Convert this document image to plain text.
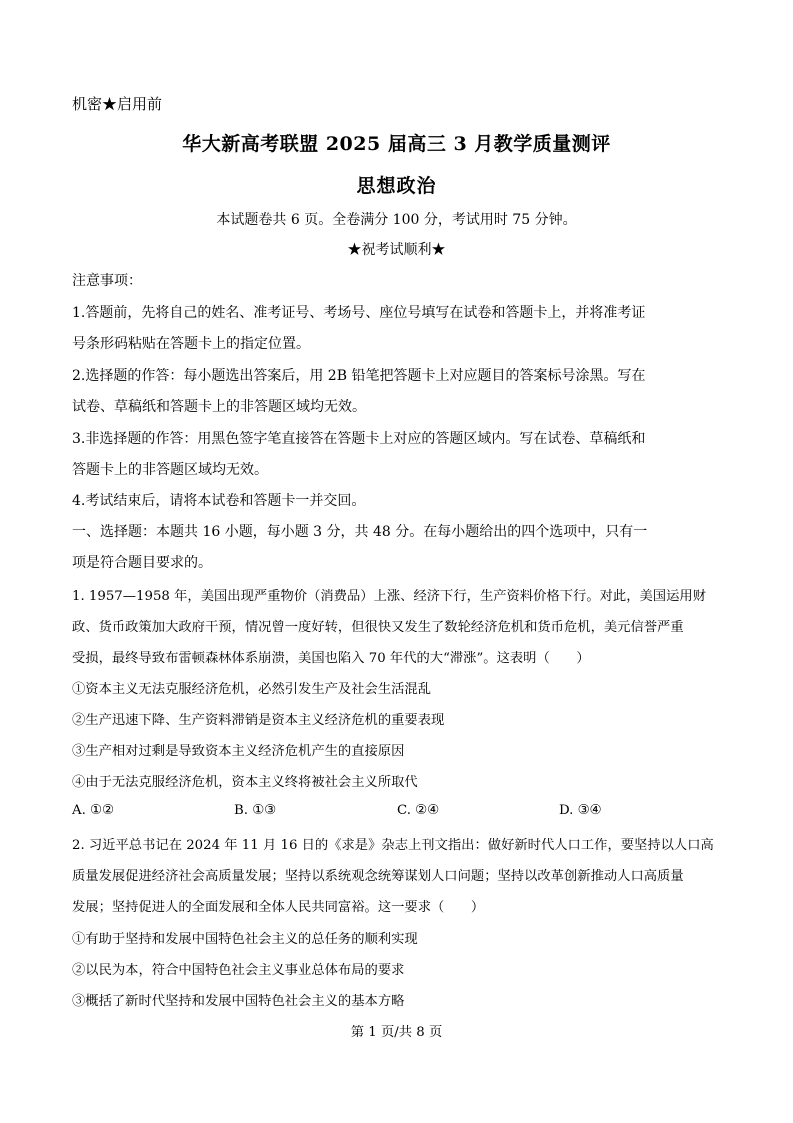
机密★启用前
华大新高考联盟 2025 届高三 3 月教学质量测评
思想政治
本试题卷共 6 页。全卷满分 100 分，考试用时 75 分钟。
★祝考试顺利★
注意事项：
1.答题前，先将自己的姓名、准考证号、考场号、座位号填写在试卷和答题卡上，并将准考证
号条形码粘贴在答题卡上的指定位置。
2.选择题的作答：每小题选出答案后，用 2B 铅笔把答题卡上对应题目的答案标号涂黑。写在
试卷、草稿纸和答题卡上的非答题区域均无效。
3.非选择题的作答：用黑色签字笔直接答在答题卡上对应的答题区域内。写在试卷、草稿纸和
答题卡上的非答题区域均无效。
4.考试结束后，请将本试卷和答题卡一并交回。
一、选择题：本题共 16 小题，每小题 3 分，共 48 分。在每小题给出的四个选项中，只有一
项是符合题目要求的。
1. 1957—1958 年，美国出现严重物价（消费品）上涨、经济下行，生产资料价格下行。对此，美国运用财
政、货币政策加大政府干预，情况曾一度好转，但很快又发生了数轮经济危机和货币危机，美元信誉严重
受损，最终导致布雷顿森林体系崩溃，美国也陷入 70 年代的大“滞涨”。这表明（　　）
①资本主义无法克服经济危机，必然引发生产及社会生活混乱
②生产迅速下降、生产资料滞销是资本主义经济危机的重要表现
③生产相对过剩是导致资本主义经济危机产生的直接原因
④由于无法克服经济危机，资本主义终将被社会主义所取代
A. ①②	B. ①③	C. ②④	D. ③④
2. 习近平总书记在 2024 年 11 月 16 日的《求是》杂志上刊文指出：做好新时代人口工作，要坚持以人口高
质量发展促进经济社会高质量发展；坚持以系统观念统筹谋划人口问题；坚持以改革创新推动人口高质量
发展；坚持促进人的全面发展和全体人民共同富裕。这一要求（　　）
①有助于坚持和发展中国特色社会主义的总任务的顺利实现
②以民为本，符合中国特色社会主义事业总体布局的要求
③概括了新时代坚持和发展中国特色社会主义的基本方略
第 1 页/共 8 页
